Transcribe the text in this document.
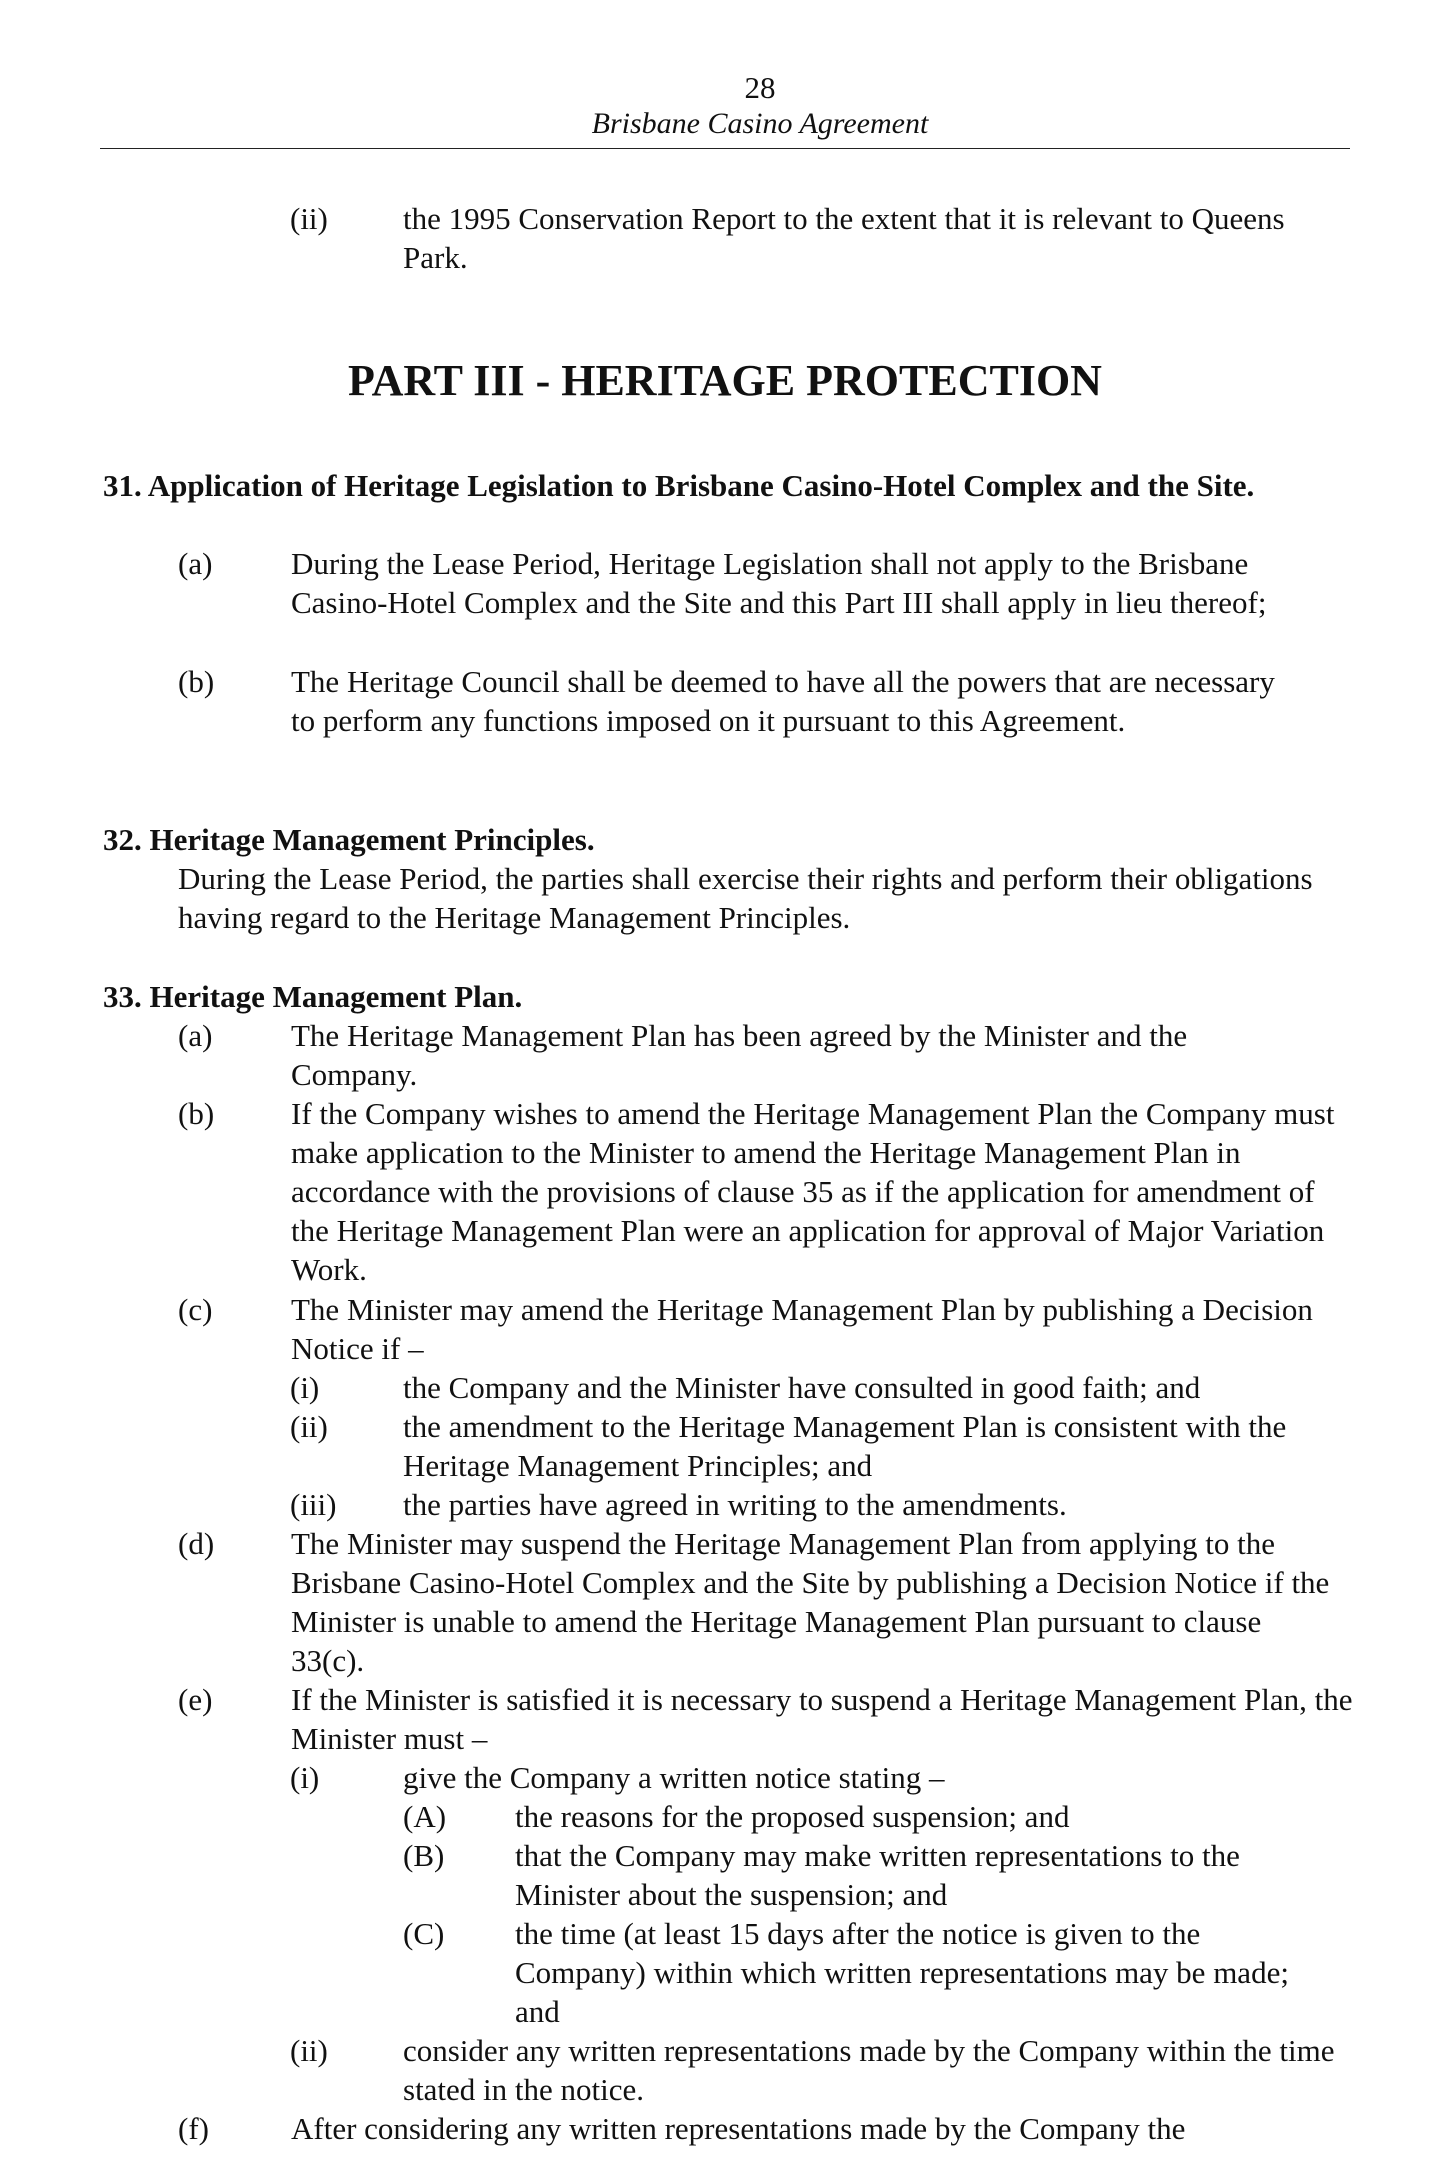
28
Brisbane Casino Agreement
(ii) the 1995 Conservation Report to the extent that it is relevant to Queens Park.
PART III - HERITAGE PROTECTION
31. Application of Heritage Legislation to Brisbane Casino-Hotel Complex and the Site.
(a)	During the Lease Period, Heritage Legislation shall not apply to the Brisbane Casino-Hotel Complex and the Site and this Part III shall apply in lieu thereof;
(b) The Heritage Council shall be deemed to have all the powers that are necessary to perform any functions imposed on it pursuant to this Agreement.
32. Heritage Management Principles.
During the Lease Period, the parties shall exercise their rights and perform their obligations having regard to the Heritage Management Principles.
33. Heritage Management Plan.
(a)	The Heritage Management Plan has been agreed by the Minister and the Company.
(b) If the Company wishes to amend the Heritage Management Plan the Company must make application to the Minister to amend the Heritage Management Plan in accordance with the provisions of clause 35 as if the application for amendment of the Heritage Management Plan were an application for approval of Major Variation Work.
(c)	The Minister may amend the Heritage Management Plan by publishing a Decision Notice if –
(i)	the Company and the Minister have consulted in good faith; and
(ii) the amendment to the Heritage Management Plan is consistent with the Heritage Management Principles; and
(iii) the parties have agreed in writing to the amendments.
(d) The Minister may suspend the Heritage Management Plan from applying to the Brisbane Casino-Hotel Complex and the Site by publishing a Decision Notice if the Minister is unable to amend the Heritage Management Plan pursuant to clause 33(c).
(e)	If the Minister is satisfied it is necessary to suspend a Heritage Management Plan, the Minister must –
(i)	give the Company a written notice stating –
(A) the reasons for the proposed suspension; and
(B) that the Company may make written representations to the Minister about the suspension; and
(C) the time (at least 15 days after the notice is given to the Company) within which written representations may be made; and
(ii) consider any written representations made by the Company within the time stated in the notice.
(f)	After considering any written representations made by the Company the
